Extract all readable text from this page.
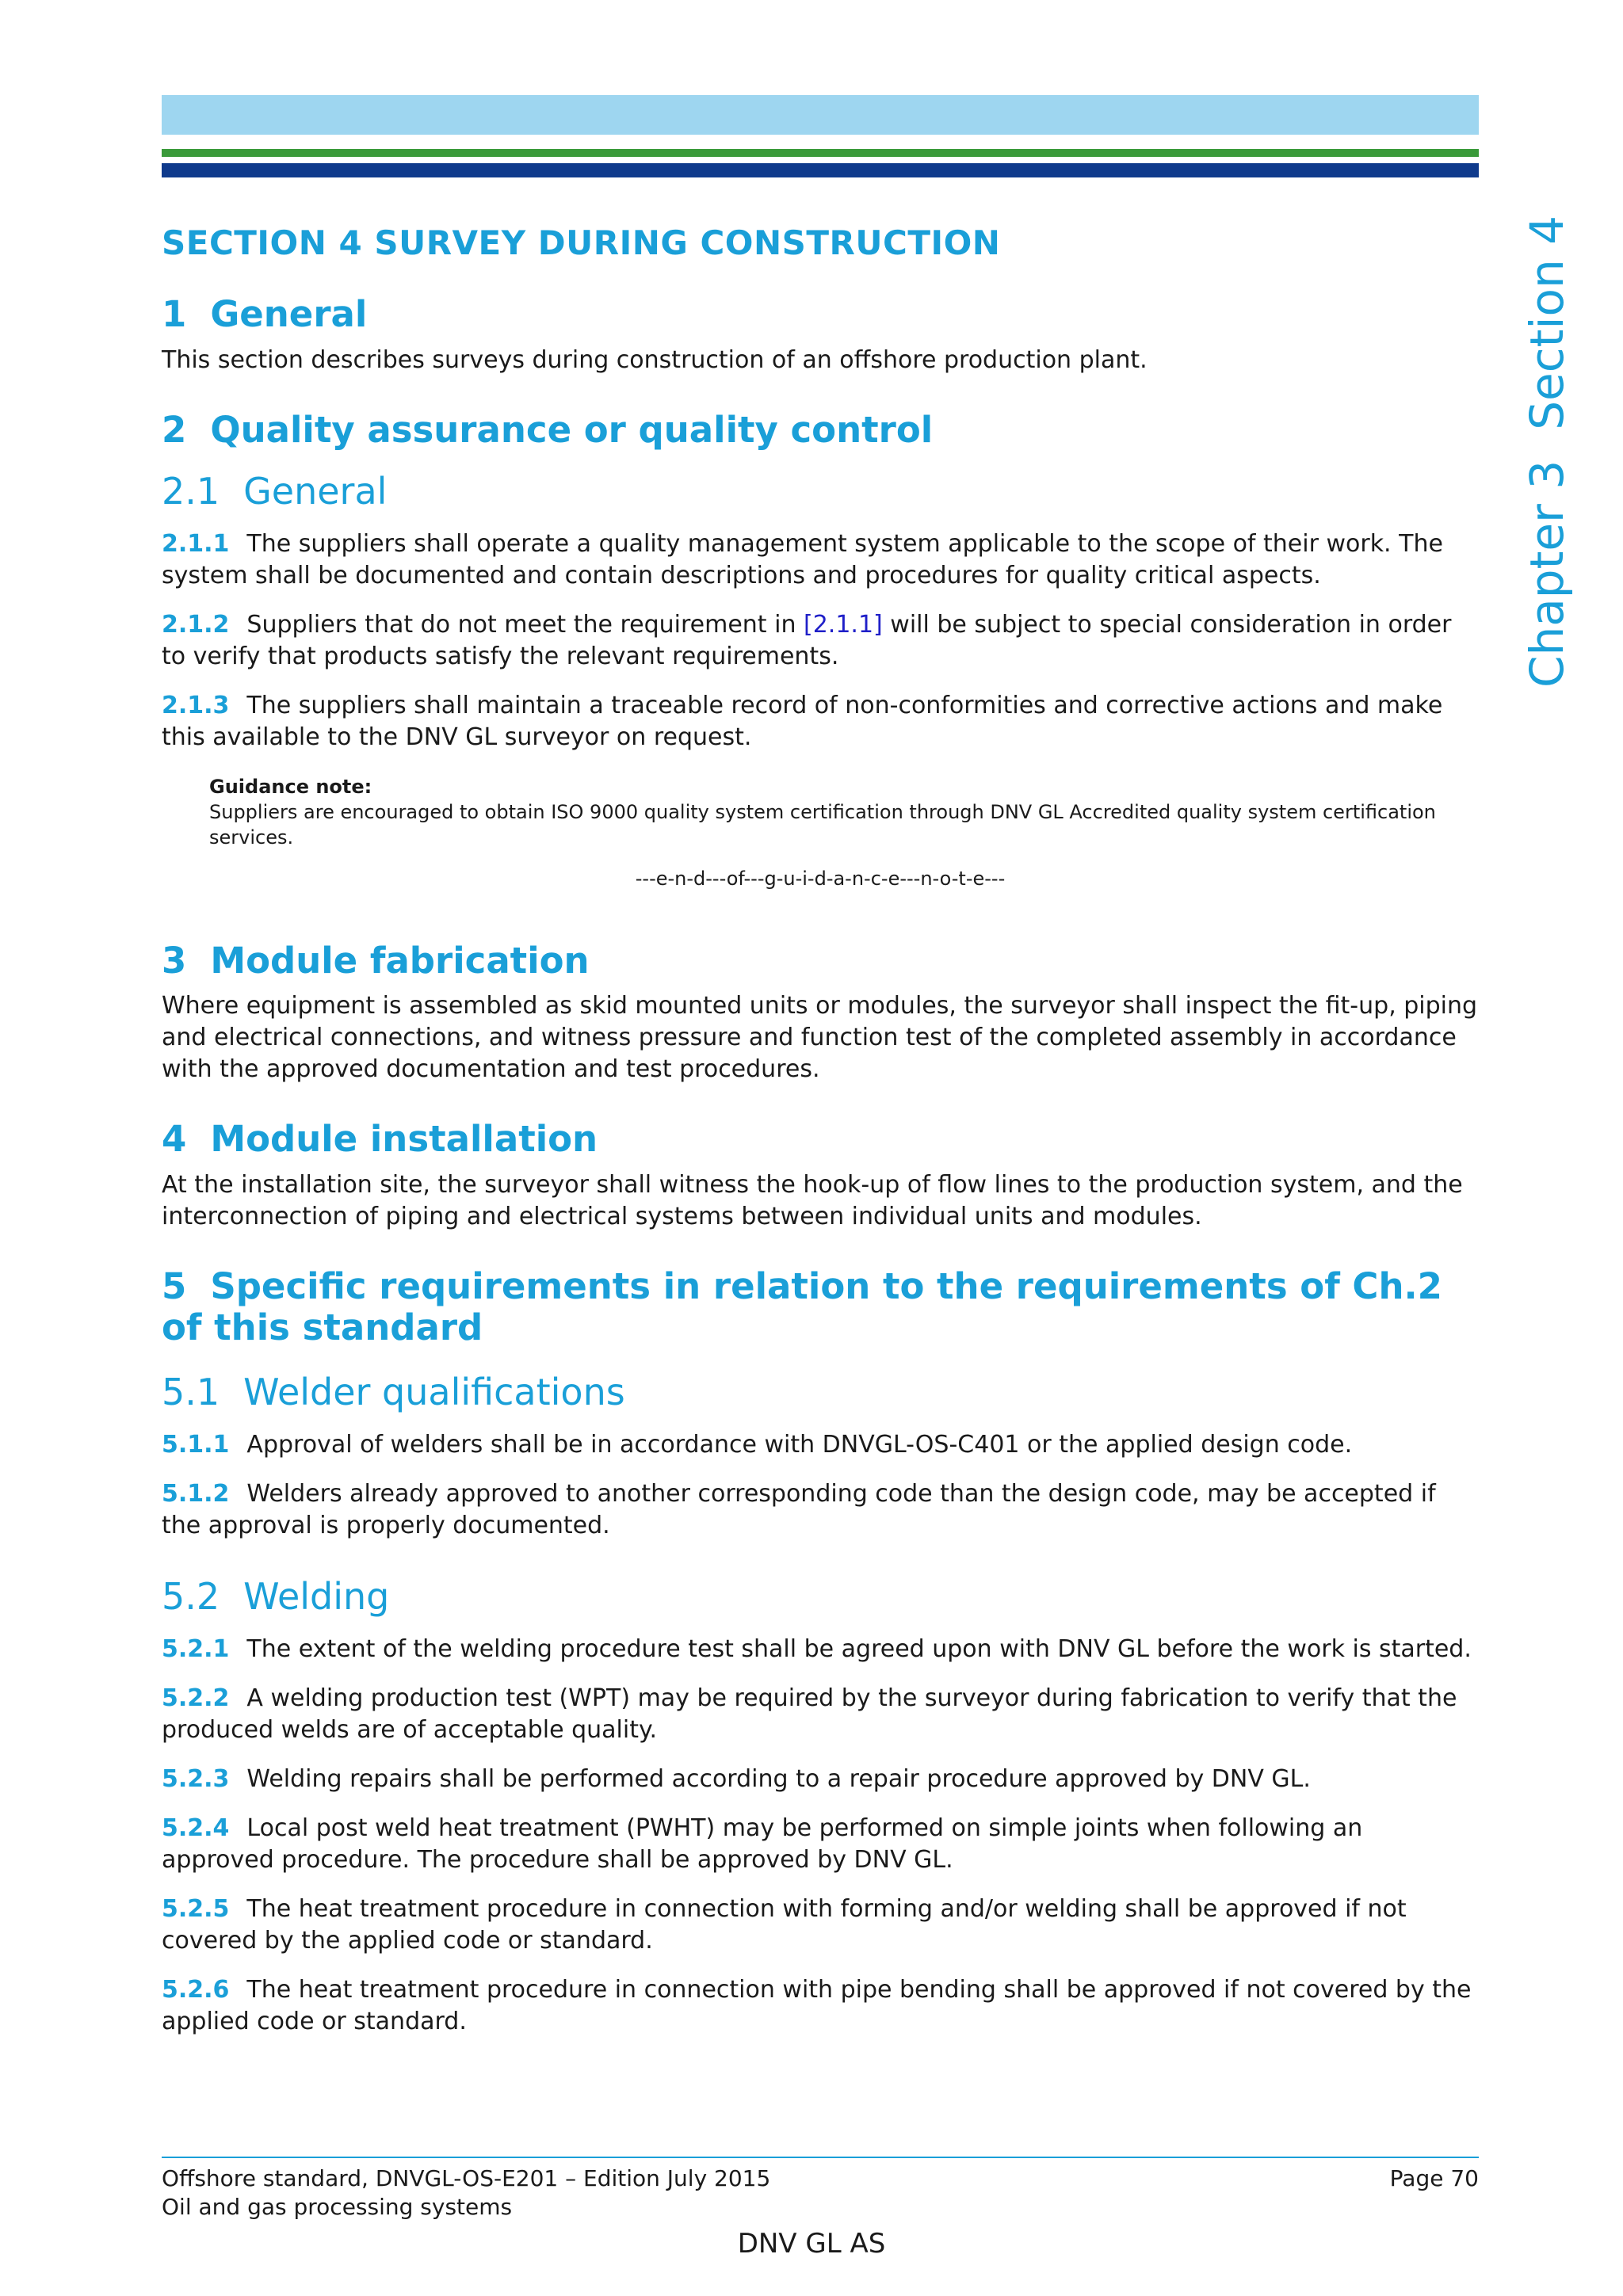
Chapter 3Section 4
SECTION 4 SURVEY DURING CONSTRUCTION
1 General
This section describes surveys during construction of an offshore production plant.
2 Quality assurance or quality control
2.1 General
2.1.1 The suppliers shall operate a quality management system applicable to the scope of their work. The system shall be documented and contain descriptions and procedures for quality critical aspects.
2.1.2 Suppliers that do not meet the requirement in [2.1.1] will be subject to special consideration in order to verify that products satisfy the relevant requirements.
2.1.3 The suppliers shall maintain a traceable record of non-conformities and corrective actions and make this available to the DNV GL surveyor on request.
Guidance note:
Suppliers are encouraged to obtain ISO 9000 quality system certification through DNV GL Accredited quality system certification services.
---e-n-d---of---g-u-i-d-a-n-c-e---n-o-t-e---
3 Module fabrication
Where equipment is assembled as skid mounted units or modules, the surveyor shall inspect the fit-up, piping and electrical connections, and witness pressure and function test of the completed assembly in accordance with the approved documentation and test procedures.
4 Module installation
At the installation site, the surveyor shall witness the hook-up of flow lines to the production system, and the interconnection of piping and electrical systems between individual units and modules.
5 Specific requirements in relation to the requirements of Ch.2 of this standard
5.1 Welder qualifications
5.1.1 Approval of welders shall be in accordance with DNVGL-OS-C401 or the applied design code.
5.1.2 Welders already approved to another corresponding code than the design code, may be accepted if the approval is properly documented.
5.2 Welding
5.2.1 The extent of the welding procedure test shall be agreed upon with DNV GL before the work is started.
5.2.2 A welding production test (WPT) may be required by the surveyor during fabrication to verify that the produced welds are of acceptable quality.
5.2.3 Welding repairs shall be performed according to a repair procedure approved by DNV GL.
5.2.4 Local post weld heat treatment (PWHT) may be performed on simple joints when following an approved procedure. The procedure shall be approved by DNV GL.
5.2.5 The heat treatment procedure in connection with forming and/or welding shall be approved if not covered by the applied code or standard.
5.2.6 The heat treatment procedure in connection with pipe bending shall be approved if not covered by the applied code or standard.
Offshore standard, DNVGL-OS-E201 – Edition July 2015
Oil and gas processing systems
Page 70
DNV GL AS
